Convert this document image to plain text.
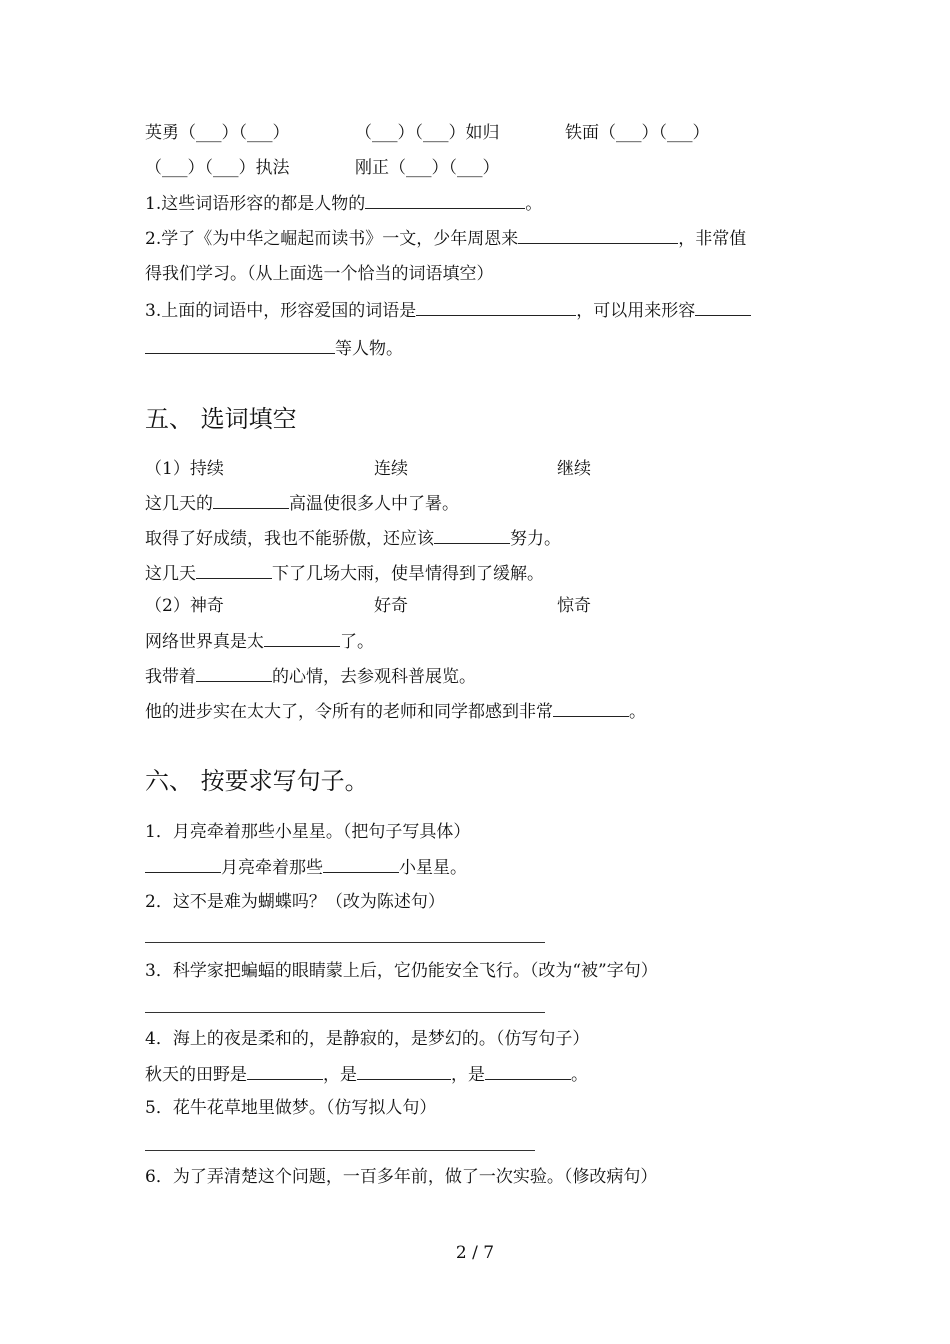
英勇（___）（___）	（___）（___）如归	铁面（___）（___）
（___）（___）执法	刚正（___）（___）
1.这些词语形容的都是人物的	。
2.学了《为中华之崛起而读书》一文，少年周恩来	，非常值
得我们学习。（从上面选一个恰当的词语填空）
3.上面的词语中，形容爱国的词语是	，可以用来形容
等人物。
五、 选词填空
（1）持续	连续	继续
这几天的	高温使很多人中了暑。
取得了好成绩，我也不能骄傲，还应该	努力。
这几天	下了几场大雨，使旱情得到了缓解。
（2）神奇	好奇	惊奇
网络世界真是太	了。
我带着	的心情，去参观科普展览。
他的进步实在太大了，令所有的老师和同学都感到非常	。
六、 按要求写句子。
1．月亮牵着那些小星星。（把句子写具体）
月亮牵着那些	小星星。
2．这不是难为蝴蝶吗？（改为陈述句）
3．科学家把蝙蝠的眼睛蒙上后，它仍能安全飞行。（改为“被”字句）
4．海上的夜是柔和的，是静寂的，是梦幻的。（仿写句子）
秋天的田野是	，是	，是	。
5．花牛花草地里做梦。（仿写拟人句）
6．为了弄清楚这个问题，一百多年前，做了一次实验。（修改病句）
2 / 7
